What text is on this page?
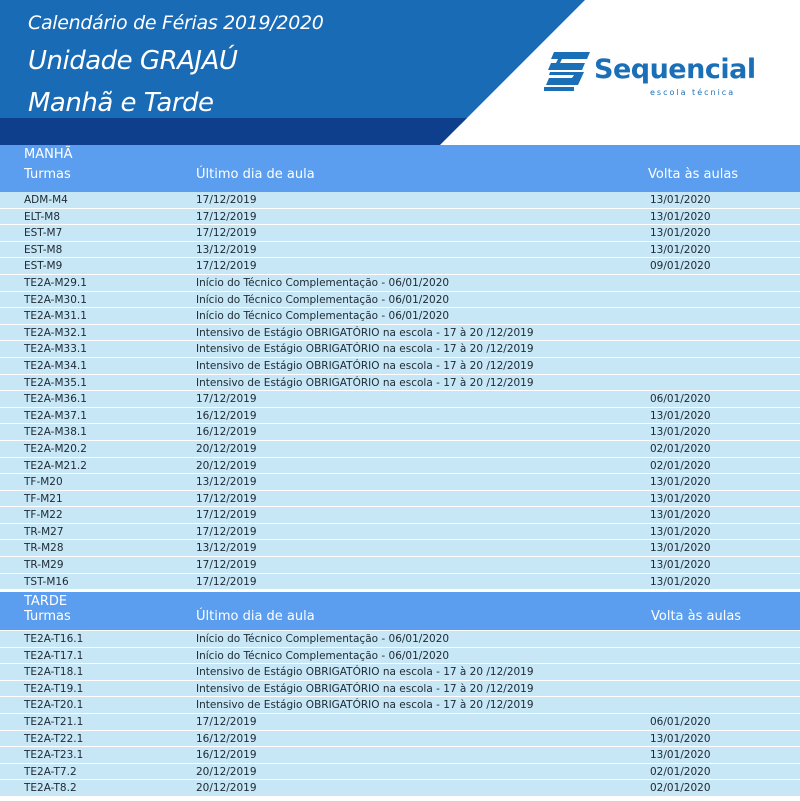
Calendário de Férias 2019/2020
Unidade GRAJAÚ
Manhã e Tarde
Sequencial
escola técnica
MANHÃ
Turmas	Último dia de aula	Volta às aulas
ADM-M4	17/12/2019	13/01/2020
ELT-M8	17/12/2019	13/01/2020
EST-M7	17/12/2019	13/01/2020
EST-M8	13/12/2019	13/01/2020
EST-M9	17/12/2019	09/01/2020
TE2A-M29.1	Início do Técnico Complementação - 06/01/2020
TE2A-M30.1	Início do Técnico Complementação - 06/01/2020
TE2A-M31.1	Início do Técnico Complementação - 06/01/2020
TE2A-M32.1	Intensivo de Estágio OBRIGATÓRIO na escola - 17 à 20 /12/2019
TE2A-M33.1	Intensivo de Estágio OBRIGATÓRIO na escola - 17 à 20 /12/2019
TE2A-M34.1	Intensivo de Estágio OBRIGATÓRIO na escola - 17 à 20 /12/2019
TE2A-M35.1	Intensivo de Estágio OBRIGATÓRIO na escola - 17 à 20 /12/2019
TE2A-M36.1	17/12/2019	06/01/2020
TE2A-M37.1	16/12/2019	13/01/2020
TE2A-M38.1	16/12/2019	13/01/2020
TE2A-M20.2	20/12/2019	02/01/2020
TE2A-M21.2	20/12/2019	02/01/2020
TF-M20	13/12/2019	13/01/2020
TF-M21	17/12/2019	13/01/2020
TF-M22	17/12/2019	13/01/2020
TR-M27	17/12/2019	13/01/2020
TR-M28	13/12/2019	13/01/2020
TR-M29	17/12/2019	13/01/2020
TST-M16	17/12/2019	13/01/2020
TARDE
Turmas	Último dia de aula	Volta às aulas
TE2A-T16.1	Início do Técnico Complementação - 06/01/2020
TE2A-T17.1	Início do Técnico Complementação - 06/01/2020
TE2A-T18.1	Intensivo de Estágio OBRIGATÓRIO na escola - 17 à 20 /12/2019
TE2A-T19.1	Intensivo de Estágio OBRIGATÓRIO na escola - 17 à 20 /12/2019
TE2A-T20.1	Intensivo de Estágio OBRIGATÓRIO na escola - 17 à 20 /12/2019
TE2A-T21.1	17/12/2019	06/01/2020
TE2A-T22.1	16/12/2019	13/01/2020
TE2A-T23.1	16/12/2019	13/01/2020
TE2A-T7.2	20/12/2019	02/01/2020
TE2A-T8.2	20/12/2019	02/01/2020
